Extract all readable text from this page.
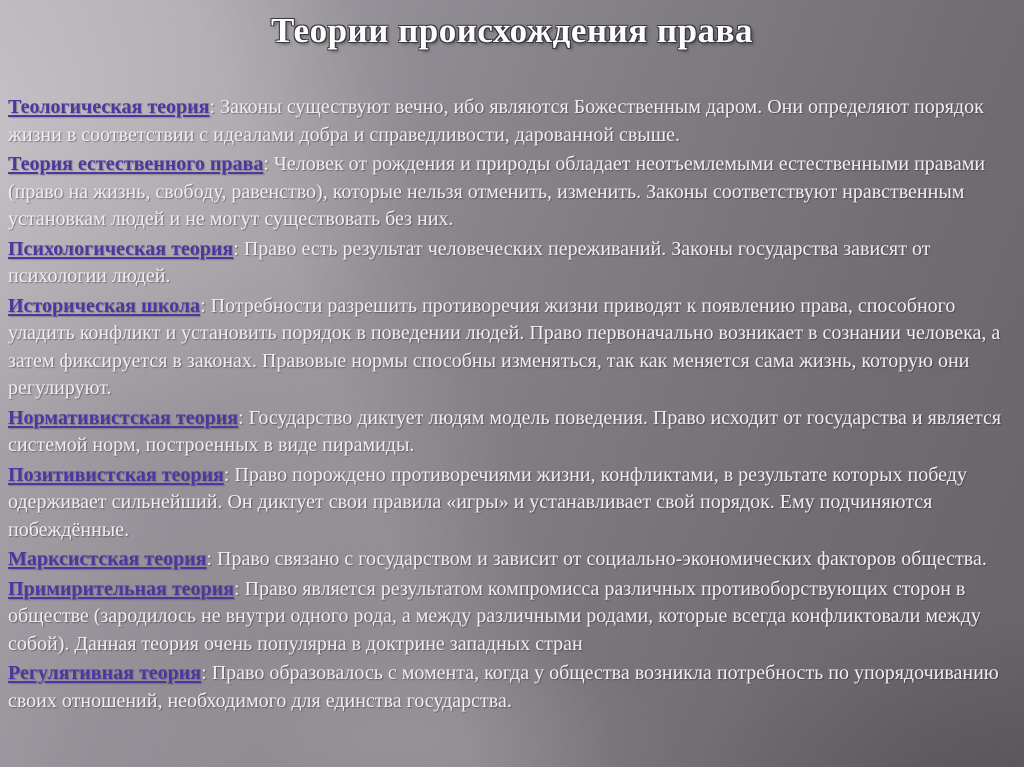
Теории происхождения права

Теологическая теория: Законы существуют вечно, ибо являются Божественным даром. Они определяют порядок жизни в соответствии с идеалами добра и справедливости, дарованной свыше.

Теория естественного права: Человек от рождения и природы обладает неотъемлемыми естественными правами (право на жизнь, свободу, равенство), которые нельзя отменить, изменить. Законы соответствуют нравственным установкам людей и не могут существовать без них.

Психологическая теория: Право есть результат человеческих переживаний. Законы государства зависят от психологии людей.

Историческая школа: Потребности разрешить противоречия жизни приводят к появлению права, способного уладить конфликт и установить порядок в поведении людей. Право первоначально возникает в сознании человека, а затем фиксируется в законах. Правовые нормы способны изменяться, так как меняется сама жизнь, которую они регулируют.

Нормативистская теория: Государство диктует людям модель поведения. Право исходит от государства и является системой норм, построенных в виде пирамиды.

Позитивистская теория: Право порождено противоречиями жизни, конфликтами, в результате которых победу одерживает сильнейший. Он диктует свои правила «игры» и устанавливает свой порядок. Ему подчиняются побеждённые.

Марксистская теория: Право связано с государством и зависит от социально-экономических факторов общества.

Примирительная теория: Право является результатом компромисса различных противоборствующих сторон в обществе (зародилось не внутри одного рода, а между различными родами, которые всегда конфликтовали между собой). Данная теория очень популярна в доктрине западных стран

Регулятивная теория: Право образовалось с момента, когда у общества возникла потребность по упорядочиванию своих отношений, необходимого для единства государства.
